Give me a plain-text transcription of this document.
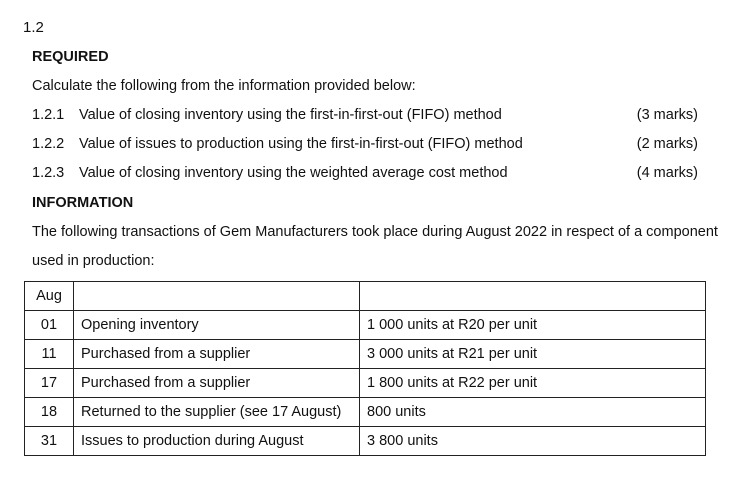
1.2
REQUIRED
Calculate the following from the information provided below:
1.2.1 Value of closing inventory using the first-in-first-out (FIFO) method	(3 marks)
1.2.2 Value of issues to production using the first-in-first-out (FIFO) method	(2 marks)
1.2.3 Value of closing inventory using the weighted average cost method	(4 marks)
INFORMATION
The following transactions of Gem Manufacturers took place during August 2022 in respect of a component
used in production:
Aug		
01	Opening inventory	1 000 units at R20 per unit
11	Purchased from a supplier	3 000 units at R21 per unit
17	Purchased from a supplier	1 800 units at R22 per unit
18	Returned to the supplier (see 17 August)	800 units
31	Issues to production during August	3 800 units
